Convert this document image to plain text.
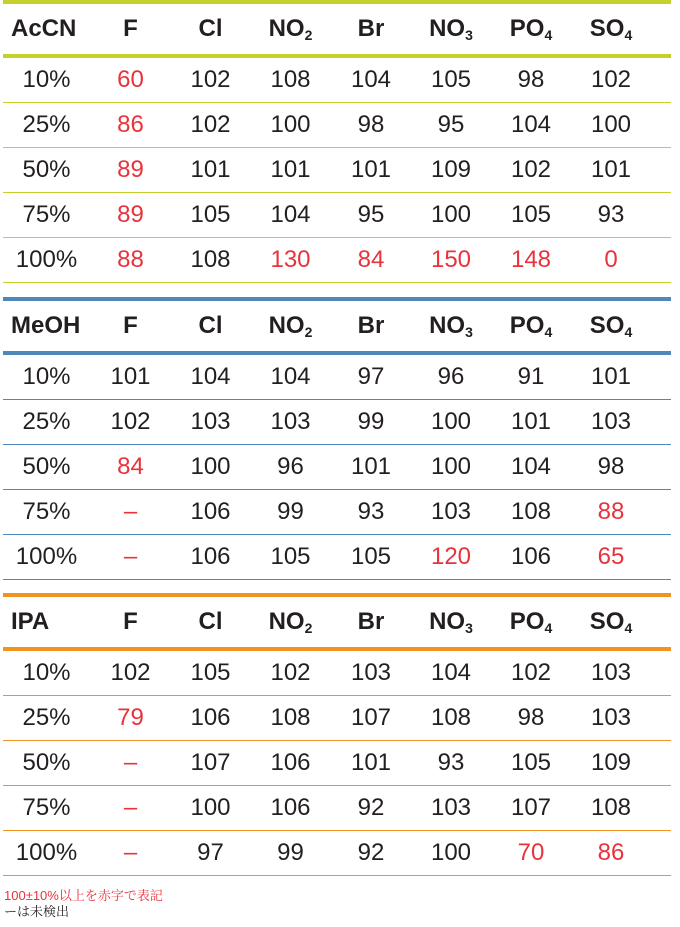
AcCN	F	Cl	$NO_2$	Br	$NO_3$	$PO_4$	$SO_4$
10%	60	102	108	104	105	98	102
25%	86	102	100	98	95	104	100
50%	89	101	101	101	109	102	101
75%	89	105	104	95	100	105	93
100%	88	108	130	84	150	148	0
MeOH	F	Cl	$NO_2$	Br	$NO_3$	$PO_4$	$SO_4$
10%	101	104	104	97	96	91	101
25%	102	103	103	99	100	101	103
50%	84	100	96	101	100	104	98
75%	–	106	99	93	103	108	88
100%	–	106	105	105	120	106	65
IPA	F	Cl	$NO_2$	Br	$NO_3$	$PO_4$	$SO_4$
10%	102	105	102	103	104	102	103
25%	79	106	108	107	108	98	103
50%	–	107	106	101	93	105	109
75%	–	100	106	92	103	107	108
100%	–	97	99	92	100	70	86
100±10%以上を赤字で表記
ーは未検出
